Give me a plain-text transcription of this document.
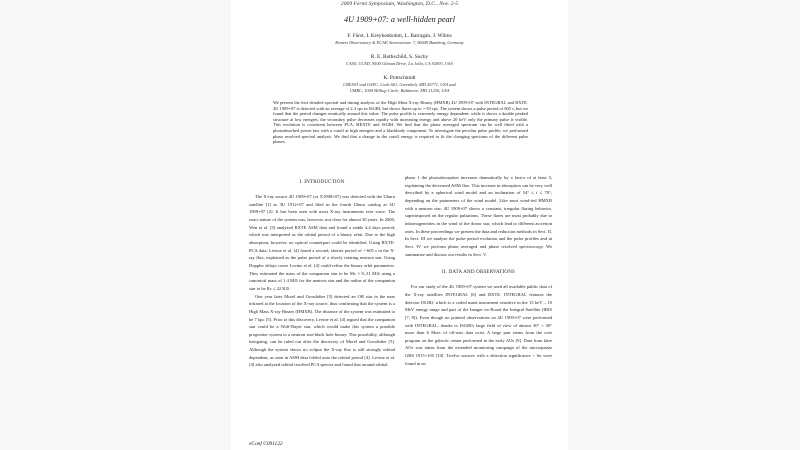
2009 Fermi Symposium, Washington, D.C., Nov. 2-5
4U 1909+07: a well-hidden pearl
F. Fürst, I. Kreykenbohm, L. Barragán, J. Wilms
Remeis Observatory & ECAP, Sternwartstr. 7, 96049 Bamberg, Germany
R. E. Rothschild, S. Suchy
CASS, UCSD, 9500 Gilman Drive, La Jolla, CA 92093, USA
K. Pottschmidt
CRESST and GSFC, Code 661, Greenbelt, MD 20771, USA and
UMBC, 1000 Hilltop Circle, Baltimore, MD 21250, USA
We present the first detailed spectral and timing analysis of the High Mass X-ray Binary (HMXB) 4U 1909+07 with INTEGRAL and RXTE. 4U 1909+07 is detected with an average of 2.4 cps in ISGRI, but shows flares up to ∼50 cps. The system shows a pulse period of 605 s, but we found that the period changes erratically around this value. The pulse profile is extremely energy dependent: while it shows a double peaked structure at low energies, the secondary pulse decreases rapidly with increasing energy and above 20 keV only the primary pulse is visible. This evolution is consistent between PCA, HEXTE and ISGRI. We find that the phase averaged spectrum can be well fitted with a photoabsorbed power law with a cutoff at high energies and a blackbody component. To investigate the peculiar pulse profile, we performed phase resolved spectral analysis. We find that a change in the cutoff energy is required to fit the changing spectrum of the different pulse phases.
I. INTRODUCTION

The X-ray source 4U 1909+07 (or X1908+07) was detected with the Uhuru satellite [1] as 3U 1912+07 and filed in the fourth Uhuru catalog as 4U 1909+07 [2]. It has been seen with most X-ray instruments ever since. The exact nature of the system was, however, not clear for almost 30 years. In 2000, Wen et al. [3] analyzed RXTE ASM data and found a stable 4.4 days period, which was interpreted as the orbital period of a binary orbit. Due to the high absorption, however, no optical counterpart could be identified. Using RXTE-PCA data, Levine et al. [4] found a second, shorter period of ∼605 s in the X-ray flux, explained as the pulse period of a slowly rotating neutron star. Using Doppler delays curve Levine et al. [4] could refine the binary orbit parameters. They estimated the mass of the companion star to be Mc ≈ 9–31 M⊙ using a canonical mass of 1.4 M⊙ for the neutron star and the radius of the companion star to be Rc ≤ 22 R⊙.

One year later Morel and Grosdidier [5] detected an OB star in the near infrared at the location of the X-ray source, thus confirming that the system is a High Mass X-ray Binary (HMXB). The distance of the system was estimated to be 7 kpc [5]. Prior to this discovery, Levine et al. [4] argued that the companion star could be a Wolf-Rayet star, which would make this system a possible progenitor system to a neutron star-black hole binary. This possibility, although intriguing, can be ruled out after the discovery of Morel and Grosdidier [5]. Although the system shows no eclipse the X-ray flux is still strongly orbital dependent, as seen in ASM data folded onto the orbital period [4]. Levine et al. [4] also analyzed orbital resolved PCA spectra and found that around orbital

phase 1 the photoabsorption increases dramatically by a factor of at least 3, explaining the decreased ASM flux. This increase in absorption can be very well described by a spherical wind model and an inclination of 54° ≤ i ≤ 70°, depending on the parameters of the wind model. Like most wind-fed HMXB with a neutron star, 4U 1909+07 shows a constant, irregular flaring behavior, superimposed on the regular pulsations. These flares are most probably due to inhomogeneities in the wind of the donor star, which lead to different accretion rates. In these proceedings we present the data and reduction methods in Sect. II. In Sect. III we analyze the pulse period evolution and the pulse profiles and in Sect. IV we perform phase averaged and phase resolved spectroscopy. We summarize and discuss our results in Sect. V.

II. DATA AND OBSERVATIONS

For our study of the 4U 1909+07 system we used all available public data of the X-ray satellites INTEGRAL [6] and RXTE. INTEGRAL features the detector ISGRI, which is a coded mask instrument sensitive in the 15 keV – 10 MeV energy range and part of the Imager on Board the Integral Satellite (IBIS [7, 8]). Even though no pointed observations on 4U 1909+07 were performed with INTEGRAL, thanks to ISGRI's large field of view of almost 30° × 30° more than 6 Msec of off-axis data exist. A large part stems from the core program on the galactic center performed in the early AOs [9]. Data from later AOs was taken from the extended monitoring campaign of the microquasar GRS 1915+105 [10]. Twelve sources with a detection significance > 6σ were found in an

eConf C091122
